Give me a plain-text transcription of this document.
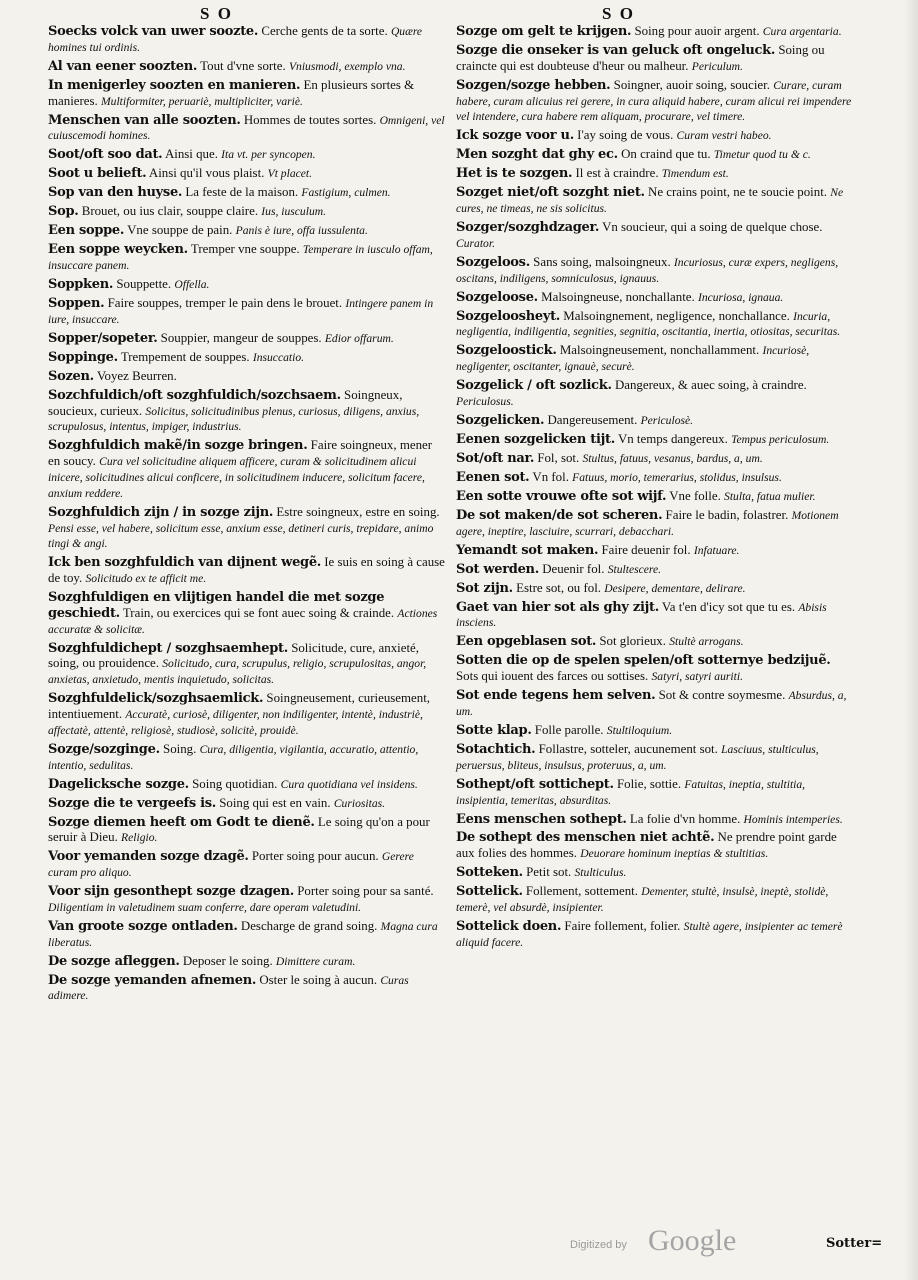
S O	S O

Soecks volck van uwer soozte. Cerche gents de ta sorte. Quære homines tui ordinis.

Al van eener soozten. Tout d'vne sorte. Vniusmodi, exemplo vna.

In menigerley soozten en manieren. En plusieurs sortes & manieres. Multiformiter, peruariè, multipliciter, variè.

Menschen van alle soozten. Hommes de toutes sortes. Omnigeni, vel cuiuscemodi homines.

Soot/oft soo dat. Ainsi que. Ita vt. per syncopen.

Soot u belieft. Ainsi qu'il vous plaist. Vt placet.

Sop van den huyse. La feste de la maison. Fastigium, culmen.

Sop. Brouet, ou ius clair, souppe claire. Ius, iusculum.

Een soppe. Vne souppe de pain. Panis è iure, offa iussulenta.

Een soppe weycken. Tremper vne souppe. Temperare in iusculo offam, insuccare panem.

Soppken. Souppette. Offella.

Soppen. Faire souppes, tremper le pain dens le brouet. Intingere panem in iure, insuccare.

Sopper/sopeter. Souppier, mangeur de souppes. Edior offarum.

Soppinge. Trempement de souppes. Insuccatio.

Sozen. Voyez Beurren.

Sozchfuldich/oft sozghfuldich/sozchsaem. Soingneux, soucieux, curieux. Solicitus, solicitudinibus plenus, curiosus, diligens, anxius, scrupulosus, intentus, impiger, industrius.

Sozghfuldich makẽ/in sozge bringen. Faire soingneux, mener en soucy. Cura vel solicitudine aliquem afficere, curam & solicitudinem alicui inicere, solicitudines alicui conficere, in solicitudinem inducere, solicitum facere, anxium reddere.

Sozghfuldich zijn / in sozge zijn. Estre soingneux, estre en soing. Pensi esse, vel habere, solicitum esse, anxium esse, detineri curis, trepidare, animo tingi & angi.

Ick ben sozghfuldich van dijnent wegẽ. Ie suis en soing à cause de toy. Solicitudo ex te afficit me.

Sozghfuldigen en vlijtigen handel die met sozge geschiedt. Train, ou exercices qui se font auec soing & crainde. Actiones accuratæ & solicitæ.

Sozghfuldichept / sozghsaemhept. Solicitude, cure, anxieté, soing, ou prouidence. Solicitudo, cura, scrupulus, religio, scrupulositas, angor, anxietas, anxietudo, mentis inquietudo, solicitas.

Sozghfuldelick/sozghsaemlick. Soingneusement, curieusement, intentiuement. Accuratè, curiosè, diligenter, non indiligenter, intentè, industriè, affectatè, attentè, religiosè, studiosè, solicitè, prouidè.

Sozge/sozginge. Soing. Cura, diligentia, vigilantia, accuratio, attentio, intentio, sedulitas.

Dagelicksche sozge. Soing quotidian. Cura quotidiana vel insidens.

Sozge die te vergeefs is. Soing qui est en vain. Curiositas.

Sozge diemen heeft om Godt te dienẽ. Le soing qu'on a pour seruir à Dieu. Religio.

Voor yemanden sozge dzagẽ. Porter soing pour aucun. Gerere curam pro aliquo.

Voor sijn gesonthept sozge dzagen. Porter soing pour sa santé. Diligentiam in valetudinem suam conferre, dare operam valetudini.

Van groote sozge ontladen. Descharge de grand soing. Magna cura liberatus.

De sozge afleggen. Deposer le soing. Dimittere curam.

De sozge yemanden afnemen. Oster le soing à aucun. Curas adimere.

Sozge om gelt te krijgen. Soing pour auoir argent. Cura argentaria.

Sozge die onseker is van geluck oft ongeluck. Soing ou craincte qui est doubteuse d'heur ou malheur. Periculum.

Sozgen/sozge hebben. Soingner, auoir soing, soucier. Curare, curam habere, curam alicuius rei gerere, in cura aliquid habere, curam alicui rei impendere vel intendere, cura habere rem aliquam, procurare, vel timere.

Ick sozge voor u. I'ay soing de vous. Curam vestri habeo.

Men sozght dat ghy ec. On craind que tu. Timetur quod tu & c.

Het is te sozgen. Il est à craindre. Timendum est.

Sozget niet/oft sozght niet. Ne crains point, ne te soucie point. Ne cures, ne timeas, ne sis solicitus.

Sozger/sozghdzager. Vn soucieur, qui a soing de quelque chose. Curator.

Sozgeloos. Sans soing, malsoingneux. Incuriosus, curæ expers, negligens, oscitans, indiligens, somniculosus, ignauus.

Sozgeloose. Malsoingneuse, nonchallante. Incuriosa, ignaua.

Sozgeloosheyt. Malsoingnement, negligence, nonchallance. Incuria, negligentia, indiligentia, segnities, segnitia, oscitantia, inertia, otiositas, securitas.

Sozgeloostick. Malsoingneusement, nonchallamment. Incuriosè, negligenter, oscitanter, ignauè, securè.

Sozgelick / oft sozlick. Dangereux, & auec soing, à craindre. Periculosus.

Sozgelicken. Dangereusement. Periculosè.

Eenen sozgelicken tijt. Vn temps dangereux. Tempus periculosum.

Sot/oft nar. Fol, sot. Stultus, fatuus, vesanus, bardus, a, um.

Eenen sot. Vn fol. Fatuus, morio, temerarius, stolidus, insulsus.

Een sotte vrouwe ofte sot wijf. Vne folle. Stulta, fatua mulier.

De sot maken/de sot scheren. Faire le badin, folastrer. Motionem agere, ineptire, lasciuire, scurrari, debacchari.

Yemandt sot maken. Faire deuenir fol. Infatuare.

Sot werden. Deuenir fol. Stultescere.

Sot zijn. Estre sot, ou fol. Desipere, dementare, delirare.

Gaet van hier sot als ghy zijt. Va t'en d'icy sot que tu es. Abisis insciens.

Een opgeblasen sot. Sot glorieux. Stultè arrogans.

Sotten die op de spelen spelen/oft sotternye bedzijuẽ. Sots qui iouent des farces ou sottises. Satyri, satyri auriti.

Sot ende tegens hem selven. Sot & contre soymesme. Absurdus, a, um.

Sotte klap. Folle parolle. Stultiloquium.

Sotachtich. Follastre, sotteler, aucunement sot. Lasciuus, stulticulus, peruersus, bliteus, insulsus, proteruus, a, um.

Sothept/oft sottichept. Folie, sottie. Fatuitas, ineptia, stultitia, insipientia, temeritas, absurditas.

Eens menschen sothept. La folie d'vn homme. Hominis intemperies.

De sothept des menschen niet achtẽ. Ne prendre point garde aux folies des hommes. Deuorare hominum ineptias & stultitias.

Sotteken. Petit sot. Stulticulus.

Sottelick. Follement, sottement. Dementer, stultè, insulsè, ineptè, stolidè, temerè, vel absurdè, insipienter.

Sottelick doen. Faire follement, folier. Stultè agere, insipienter ac temerè aliquid facere.

Sotter=
Digitized by Google
